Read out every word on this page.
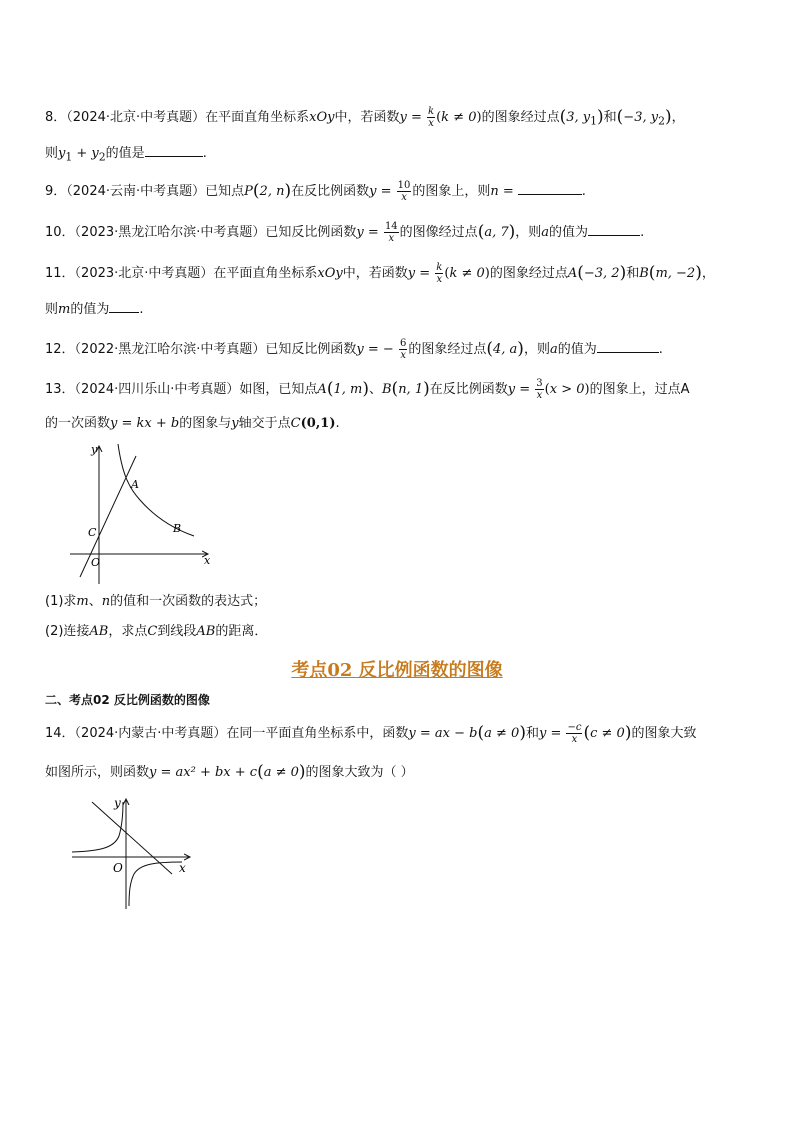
8．（2024·北京·中考真题）在平面直角坐标系xOy中，若函数$y = \frac{k}{x} (k \ne 0)$的图象经过点(3, $y_1$)和(−3, $y_2$)，
则$y_1 + y_2$的值是	.
9．（2024·云南·中考真题）已知点P(2, n)在反比例函数$y = \frac{10}{x}$ 的图象上，则n =	.
10．（2023·黑龙江哈尔滨·中考真题）已知反比例函数$y = \frac{14}{x}$ 的图像经过点(a, 7)，则a的值为	.
11．（2023·北京·中考真题）在平面直角坐标系xOy中，若函数$y = \frac{k}{x} (k \ne 0)$的图象经过点A(−3, 2)和B(m, −2)，
则m的值为 .
12．（2022·黑龙江哈尔滨·中考真题）已知反比例函数y = − $\frac{6}{x}$ 的图象经过点(4, a)，则a的值为	.
13．（2024·四川乐山·中考真题）如图，已知点A(1, m)、B(n, 1)在反比例函数$y = \frac{3}{x} (x > 0)$的图象上，过点A
的一次函数y = kx + b的图象与y轴交于点C(0,1).
y
x
O
A
B
C
(1)求m、n的值和一次函数的表达式；
(2)连接AB，求点C到线段AB的距离．
考点02 反比例函数的图像
二、考点02 反比例函数的图像
14．（2024·内蒙古·中考真题）在同一平面直角坐标系中，函数y = ax − b(a ≠ 0)和$y = \frac{-c}{x} (c \ne 0)$的图象大致
如图所示，则函数y = ax² + bx + c(a ≠ 0)的图象大致为（ ）
y
x
O
